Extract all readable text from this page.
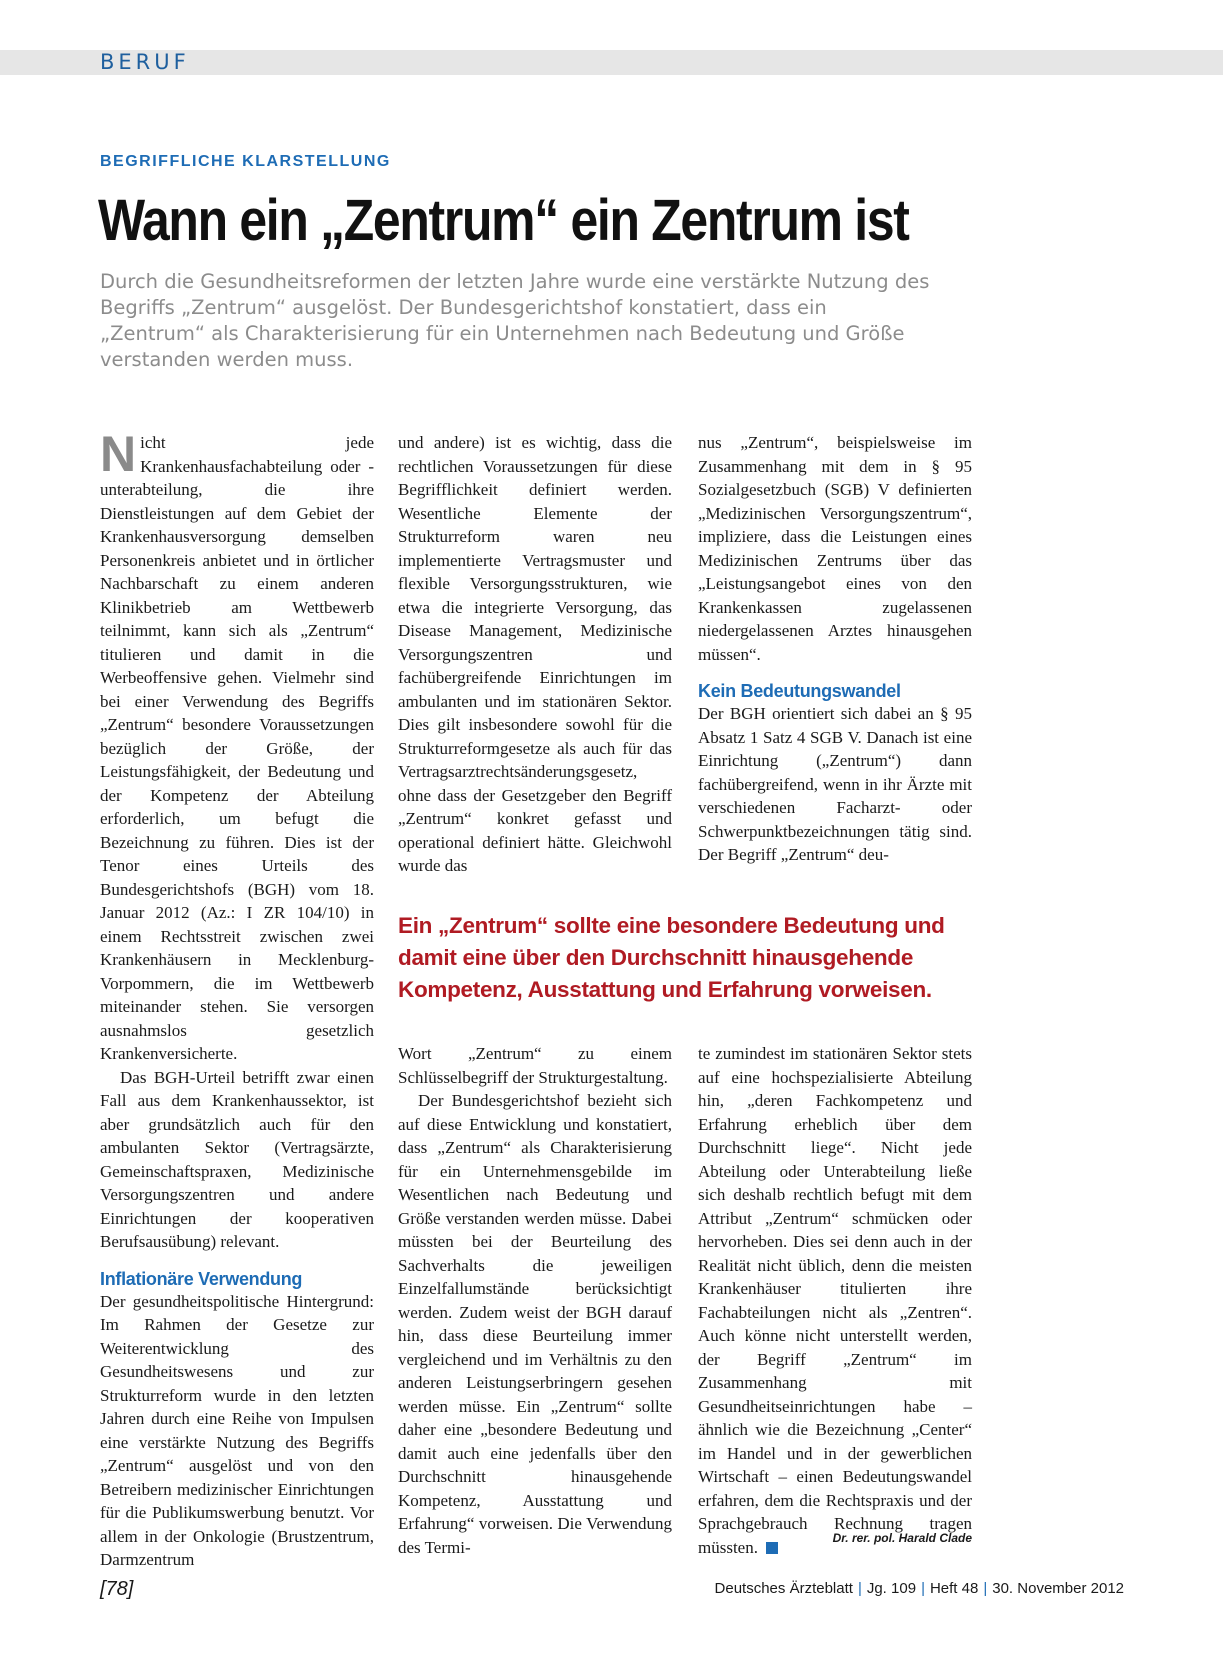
BERUF
BEGRIFFLICHE KLARSTELLUNG
Wann ein „Zentrum“ ein Zentrum ist

Durch die Gesundheitsreformen der letzten Jahre wurde eine verstärkte Nutzung des Begriffs „Zentrum“ ausgelöst. Der Bundesgerichtshof konstatiert, dass ein „Zentrum“ als Charakterisierung für ein Unternehmen nach Bedeutung und Größe verstanden werden muss.

Nicht jede Krankenhausfachabteilung oder -unterabteilung, die ihre Dienstleistungen auf dem Gebiet der Krankenhausversorgung demselben Personenkreis anbietet und in örtlicher Nachbarschaft zu einem anderen Klinikbetrieb am Wettbewerb teilnimmt, kann sich als „Zentrum“ titulieren und damit in die Werbeoffensive gehen. Vielmehr sind bei einer Verwendung des Begriffs „Zentrum“ besondere Voraussetzungen bezüglich der Größe, der Leistungsfähigkeit, der Bedeutung und der Kompetenz der Abteilung erforderlich, um befugt die Bezeichnung zu führen. Dies ist der Tenor eines Urteils des Bundesgerichtshofs (BGH) vom 18. Januar 2012 (Az.: I ZR 104/10) in einem Rechtsstreit zwischen zwei Krankenhäusern in Mecklenburg-Vorpommern, die im Wettbewerb miteinander stehen. Sie versorgen ausnahmslos gesetzlich Krankenversicherte.

Das BGH-Urteil betrifft zwar einen Fall aus dem Krankenhaussektor, ist aber grundsätzlich auch für den ambulanten Sektor (Vertragsärzte, Gemeinschaftspraxen, Medizinische Versorgungszentren und andere Einrichtungen der kooperativen Berufsausübung) relevant.

Inflationäre Verwendung

Der gesundheitspolitische Hintergrund: Im Rahmen der Gesetze zur Weiterentwicklung des Gesundheitswesens und zur Strukturreform wurde in den letzten Jahren durch eine Reihe von Impulsen eine verstärkte Nutzung des Begriffs „Zentrum“ ausgelöst und von den Betreibern medizinischer Einrichtungen für die Publikumswerbung benutzt. Vor allem in der Onkologie (Brustzentrum, Darmzentrum

und andere) ist es wichtig, dass die rechtlichen Voraussetzungen für diese Begrifflichkeit definiert werden. Wesentliche Elemente der Strukturreform waren neu implementierte Vertragsmuster und flexible Versorgungsstrukturen, wie etwa die integrierte Versorgung, das Disease Management, Medizinische Versorgungszentren und fachübergreifende Einrichtungen im ambulanten und im stationären Sektor. Dies gilt insbesondere sowohl für die Strukturreformgesetze als auch für das Vertragsarztrechtsänderungsgesetz, ohne dass der Gesetzgeber den Begriff „Zentrum“ konkret gefasst und operational definiert hätte. Gleichwohl wurde das

nus „Zentrum“, beispielsweise im Zusammenhang mit dem in § 95 Sozialgesetzbuch (SGB) V definierten „Medizinischen Versorgungszentrum“, impliziere, dass die Leistungen eines Medizinischen Zentrums über das „Leistungsangebot eines von den Krankenkassen zugelassenen niedergelassenen Arztes hinausgehen müssen“.

Kein Bedeutungswandel

Der BGH orientiert sich dabei an § 95 Absatz 1 Satz 4 SGB V. Danach ist eine Einrichtung („Zentrum“) dann fachübergreifend, wenn in ihr Ärzte mit verschiedenen Facharzt- oder Schwerpunktbezeichnungen tätig sind. Der Begriff „Zentrum“ deu-

Ein „Zentrum“ sollte eine besondere Bedeutung und damit eine über den Durchschnitt hinausgehende Kompetenz, Ausstattung und Erfahrung vorweisen.

Wort „Zentrum“ zu einem Schlüsselbegriff der Strukturgestaltung.

Der Bundesgerichtshof bezieht sich auf diese Entwicklung und konstatiert, dass „Zentrum“ als Charakterisierung für ein Unternehmensgebilde im Wesentlichen nach Bedeutung und Größe verstanden werden müsse. Dabei müssten bei der Beurteilung des Sachverhalts die jeweiligen Einzelfallumstände berücksichtigt werden. Zudem weist der BGH darauf hin, dass diese Beurteilung immer vergleichend und im Verhältnis zu den anderen Leistungserbringern gesehen werden müsse. Ein „Zentrum“ sollte daher eine „besondere Bedeutung und damit auch eine jedenfalls über den Durchschnitt hinausgehende Kompetenz, Ausstattung und Erfahrung“ vorweisen. Die Verwendung des Termi-

te zumindest im stationären Sektor stets auf eine hochspezialisierte Abteilung hin, „deren Fachkompetenz und Erfahrung erheblich über dem Durchschnitt liege“. Nicht jede Abteilung oder Unterabteilung ließe sich deshalb rechtlich befugt mit dem Attribut „Zentrum“ schmücken oder hervorheben. Dies sei denn auch in der Realität nicht üblich, denn die meisten Krankenhäuser titulierten ihre Fachabteilungen nicht als „Zentren“. Auch könne nicht unterstellt werden, der Begriff „Zentrum“ im Zusammenhang mit Gesundheitseinrichtungen habe – ähnlich wie die Bezeichnung „Center“ im Handel und in der gewerblichen Wirtschaft – einen Bedeutungswandel erfahren, dem die Rechtspraxis und der Sprachgebrauch Rechnung tragen müssten.	Dr. rer. pol. Harald Clade
[78]	Deutsches Ärzteblatt | Jg. 109 | Heft 48 | 30. November 2012
